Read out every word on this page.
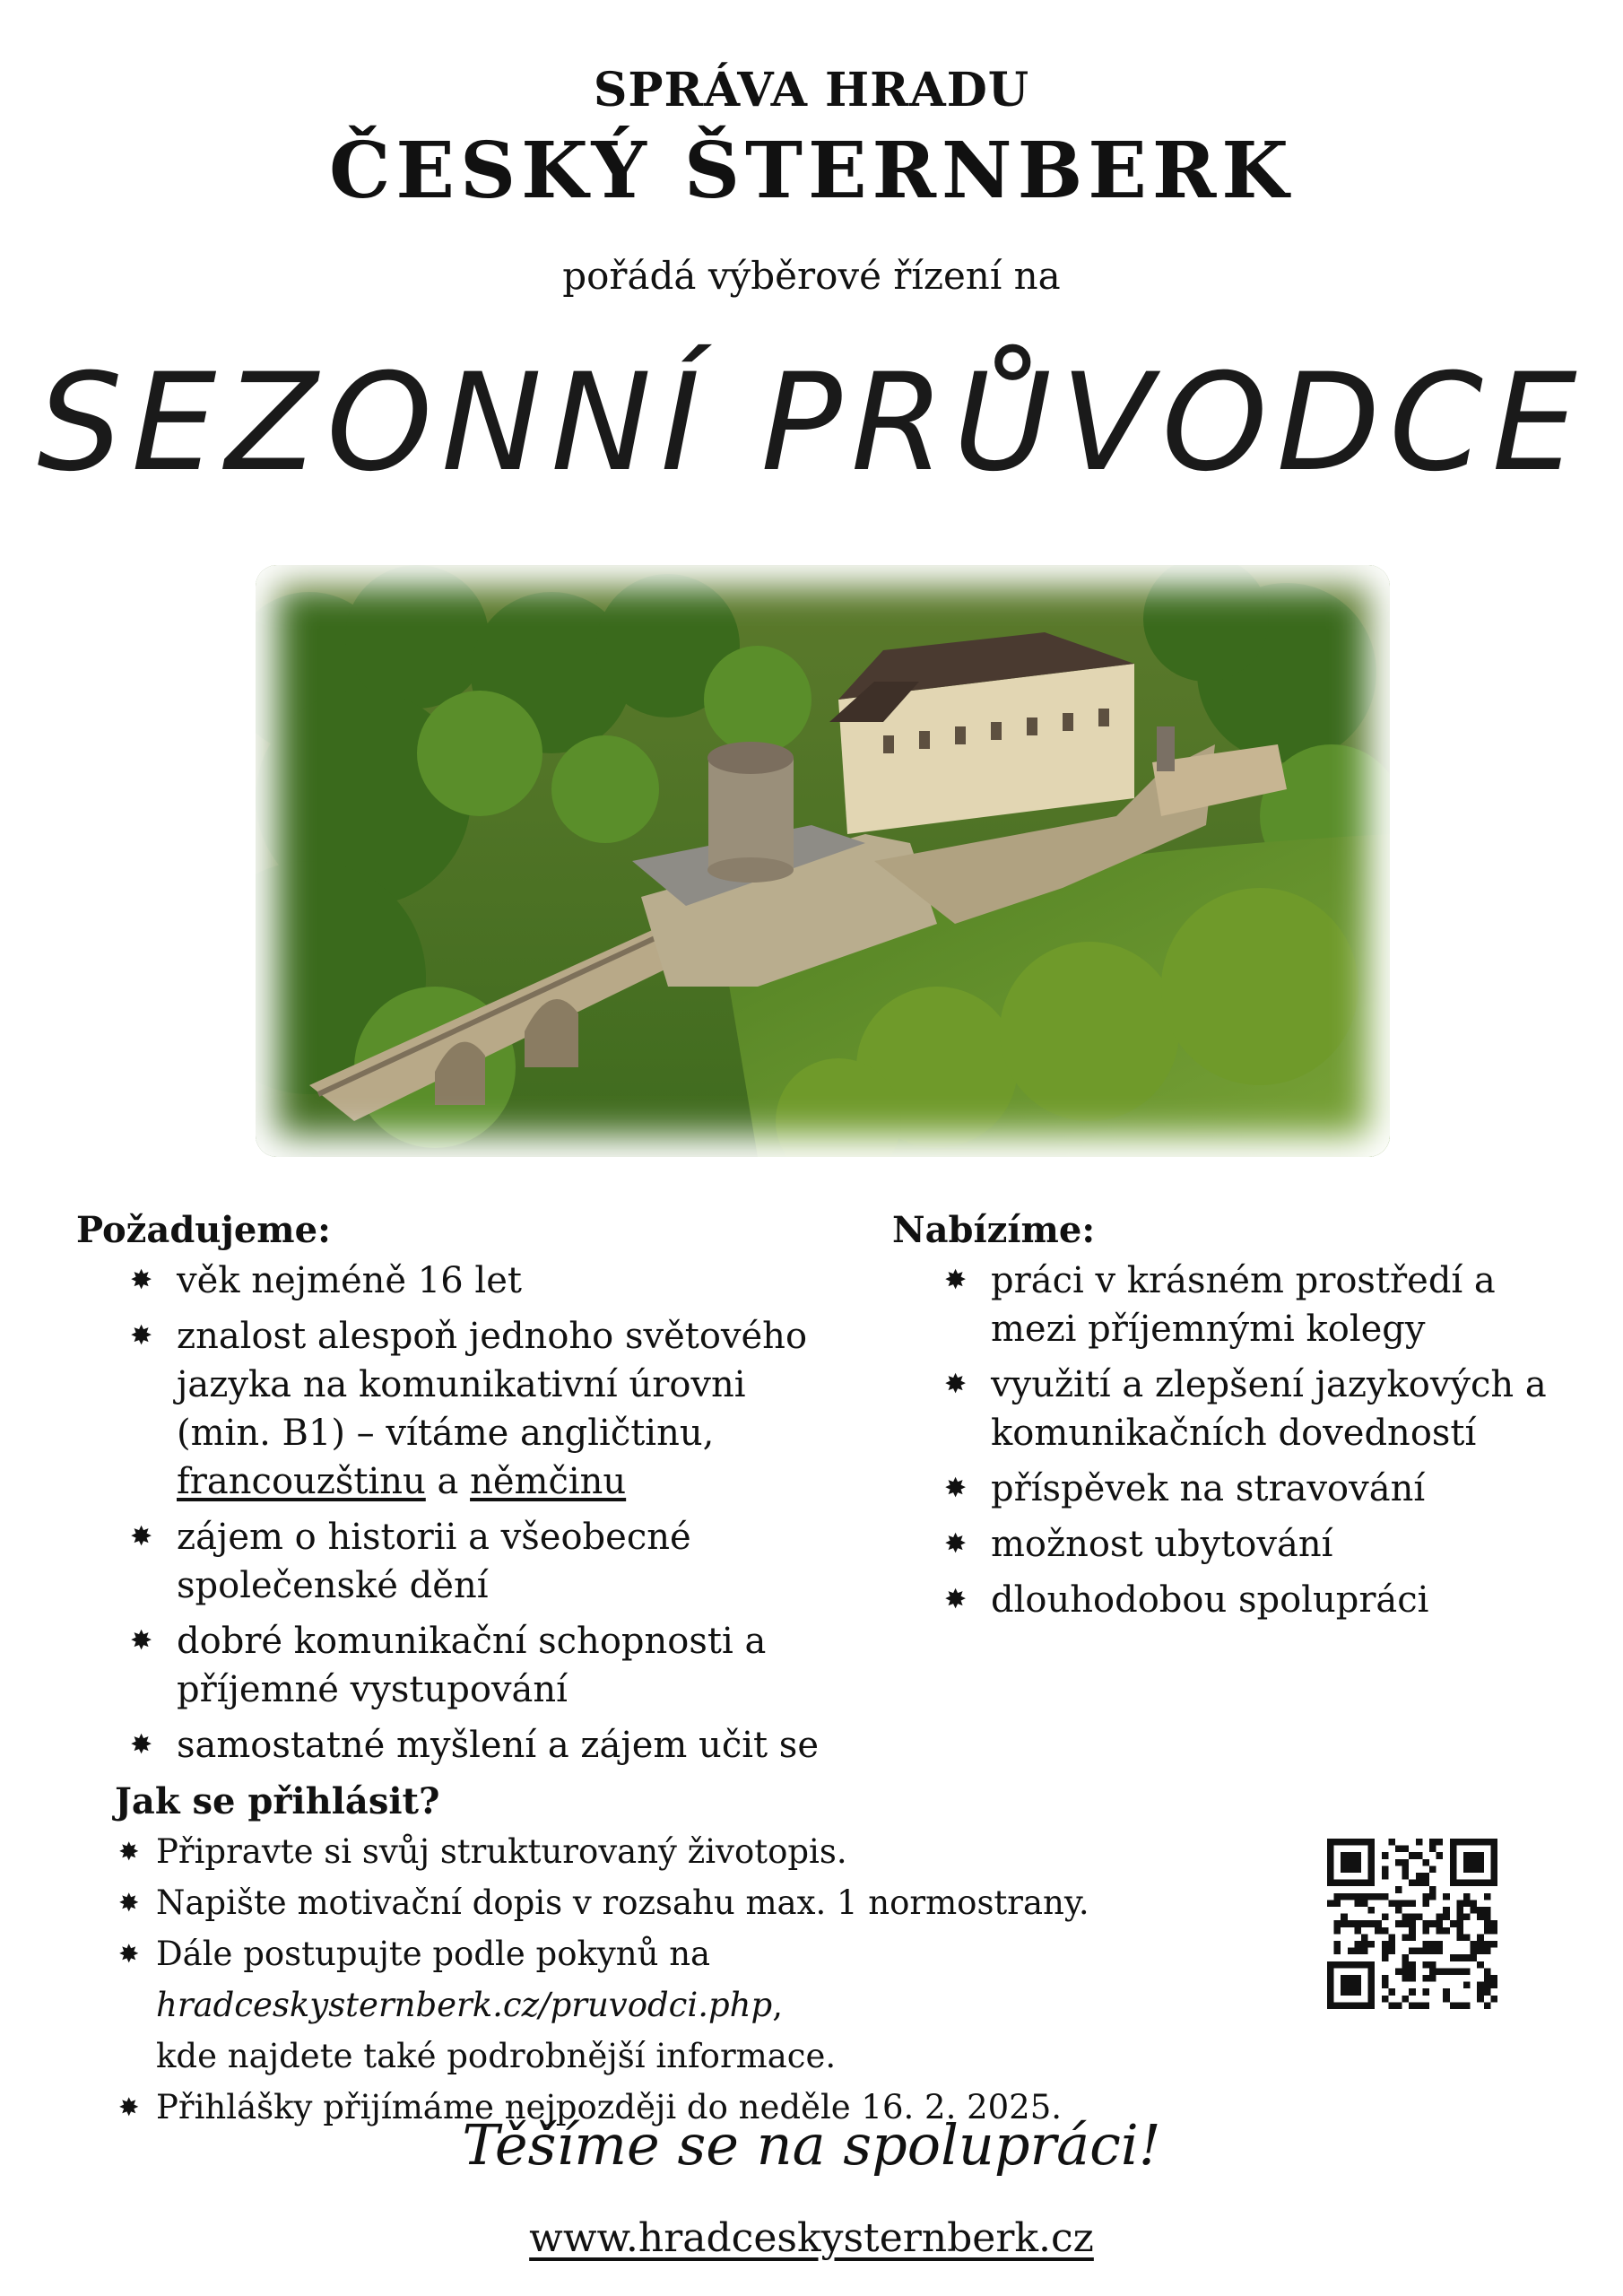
SPRÁVA HRADU
ČESKÝ ŠTERNBERK
pořádá výběrové řízení na
SEZONNÍ PRŮVODCE
Požadujeme:
✸ věk nejméně 16 let
✸ znalost alespoň jednoho světového jazyka na komunikativní úrovni (min. B1) – vítáme angličtinu,
francouzštinu a němčinu
✸ zájem o historii a všeobecné společenské dění
✸ dobré komunikační schopnosti a příjemné vystupování
✸ samostatné myšlení a zájem učit se
Nabízíme:
✸ práci v krásném prostředí a mezi příjemnými kolegy
✸ využití a zlepšení jazykových a komunikačních dovedností
✸ příspěvek na stravování
✸ možnost ubytování
✸ dlouhodobou spolupráci
Jak se přihlásit?
✸ Připravte si svůj strukturovaný životopis.
✸ Napište motivační dopis v rozsahu max. 1 normostrany.
✸ Dále postupujte podle pokynů na hradceskysternberk.cz/pruvodci.php,
kde najdete také podrobnější informace.
✸ Přihlášky přijímáme nejpozději do neděle 16. 2. 2025.
Těšíme se na spolupráci!
www.hradceskysternberk.cz
